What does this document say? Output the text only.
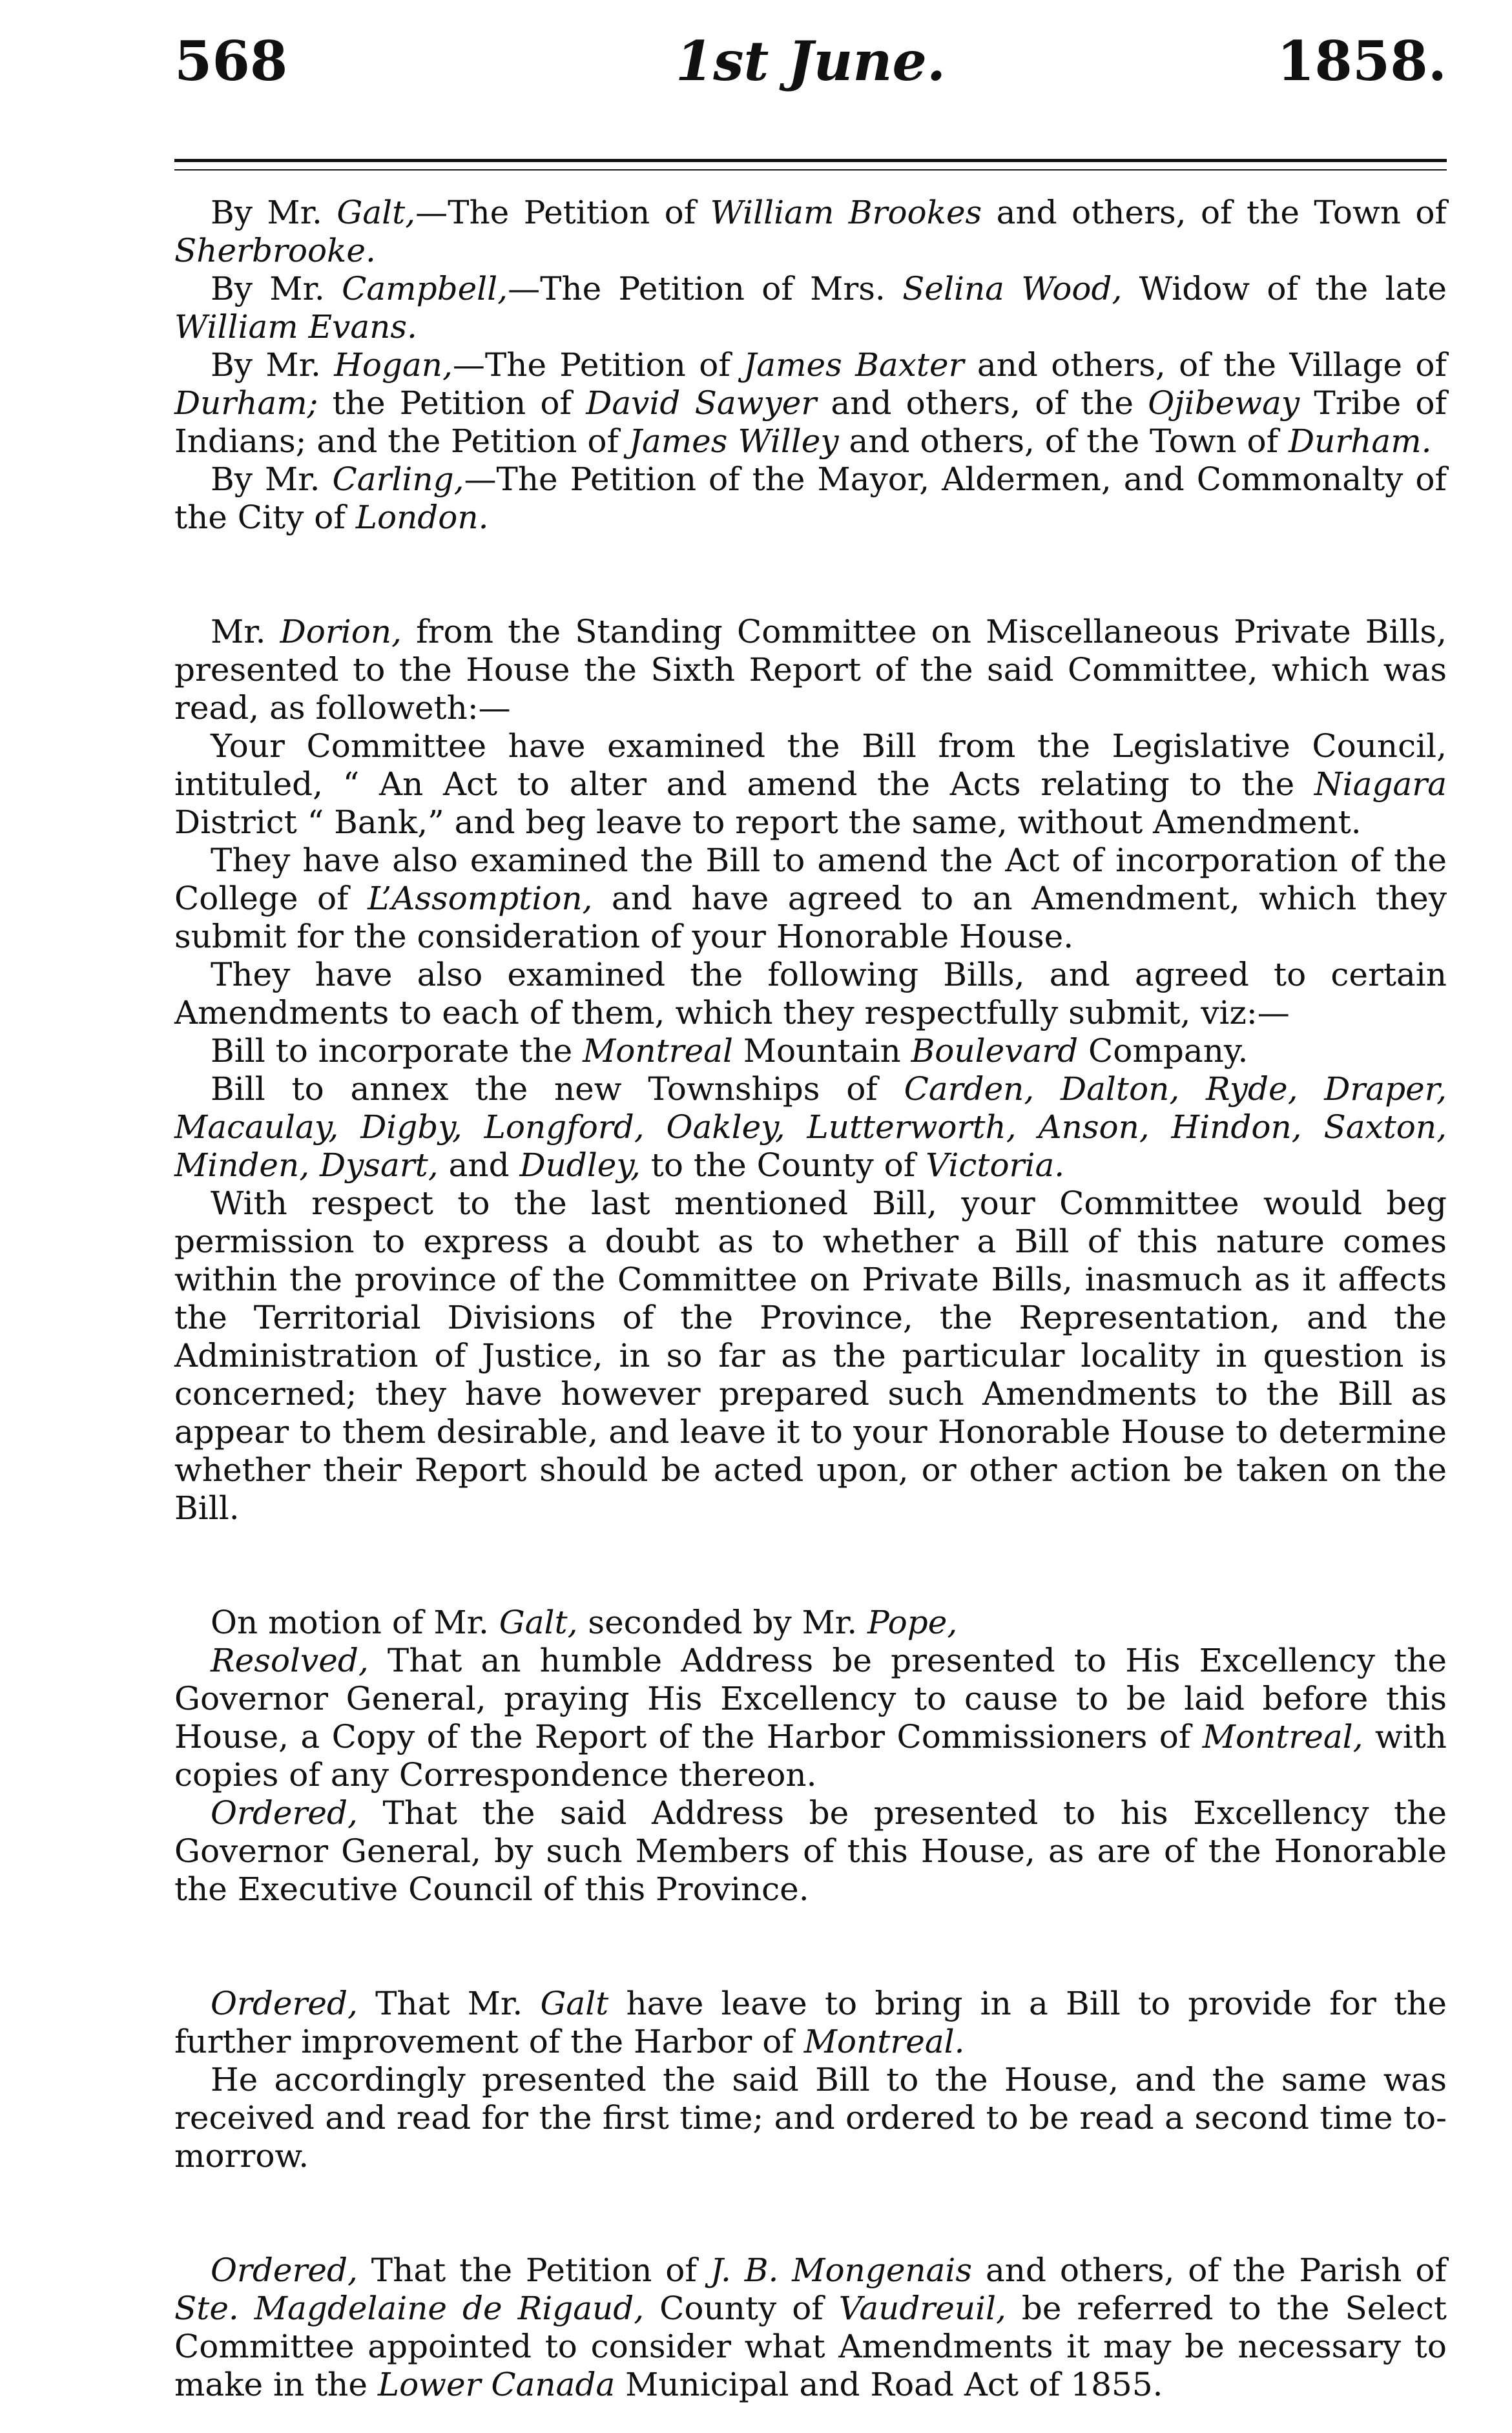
568	1st June.	1858.

By Mr. Galt,—The Petition of William Brookes and others, of the Town of Sherbrooke.

By Mr. Campbell,—The Petition of Mrs. Selina Wood, Widow of the late William Evans.

By Mr. Hogan,—The Petition of James Baxter and others, of the Village of Durham; the Petition of David Sawyer and others, of the Ojibeway Tribe of Indians; and the Petition of James Willey and others, of the Town of Durham.

By Mr. Carling,—The Petition of the Mayor, Aldermen, and Commonalty of the City of London.

Mr. Dorion, from the Standing Committee on Miscellaneous Private Bills, presented to the House the Sixth Report of the said Committee, which was read, as followeth:—

Your Committee have examined the Bill from the Legislative Council, intituled, “ An Act to alter and amend the Acts relating to the Niagara District “ Bank,” and beg leave to report the same, without Amendment.

They have also examined the Bill to amend the Act of incorporation of the College of L’Assomption, and have agreed to an Amendment, which they submit for the consideration of your Honorable House.

They have also examined the following Bills, and agreed to certain Amendments to each of them, which they respectfully submit, viz:—

Bill to incorporate the Montreal Mountain Boulevard Company.

Bill to annex the new Townships of Carden, Dalton, Ryde, Draper, Macaulay, Digby, Longford, Oakley, Lutterworth, Anson, Hindon, Saxton, Minden, Dysart, and Dudley, to the County of Victoria.

With respect to the last mentioned Bill, your Committee would beg permission to express a doubt as to whether a Bill of this nature comes within the province of the Committee on Private Bills, inasmuch as it affects the Territorial Divisions of the Province, the Representation, and the Administration of Justice, in so far as the particular locality in question is concerned; they have however prepared such Amendments to the Bill as appear to them desirable, and leave it to your Honorable House to determine whether their Report should be acted upon, or other action be taken on the Bill.

On motion of Mr. Galt, seconded by Mr. Pope,

Resolved, That an humble Address be presented to His Excellency the Governor General, praying His Excellency to cause to be laid before this House, a Copy of the Report of the Harbor Commissioners of Montreal, with copies of any Correspondence thereon.

Ordered, That the said Address be presented to his Excellency the Governor General, by such Members of this House, as are of the Honorable the Executive Council of this Province.

Ordered, That Mr. Galt have leave to bring in a Bill to provide for the further improvement of the Harbor of Montreal.

He accordingly presented the said Bill to the House, and the same was received and read for the first time; and ordered to be read a second time to-morrow.

Ordered, That the Petition of J. B. Mongenais and others, of the Parish of Ste. Magdelaine de Rigaud, County of Vaudreuil, be referred to the Select Committee appointed to consider what Amendments it may be necessary to make in the Lower Canada Municipal and Road Act of 1855.
